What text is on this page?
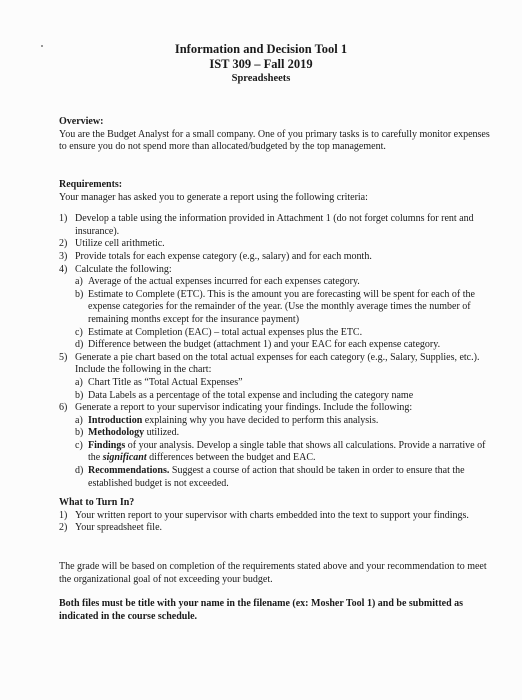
Information and Decision Tool 1
IST 309 – Fall 2019
Spreadsheets
Overview:
You are the Budget Analyst for a small company. One of you primary tasks is to carefully monitor expenses to ensure you do not spend more than allocated/budgeted by the top management.
Requirements:
Your manager has asked you to generate a report using the following criteria:
1) Develop a table using the information provided in Attachment 1 (do not forget columns for rent and insurance).
2) Utilize cell arithmetic.
3) Provide totals for each expense category (e.g., salary) and for each month.
4) Calculate the following:
a) Average of the actual expenses incurred for each expenses category.
b) Estimate to Complete (ETC). This is the amount you are forecasting will be spent for each of the expense categories for the remainder of the year. (Use the monthly average times the number of remaining months except for the insurance payment)
c) Estimate at Completion (EAC) – total actual expenses plus the ETC.
d) Difference between the budget (attachment 1) and your EAC for each expense category.
5) Generate a pie chart based on the total actual expenses for each category (e.g., Salary, Supplies, etc.). Include the following in the chart:
a) Chart Title as “Total Actual Expenses”
b) Data Labels as a percentage of the total expense and including the category name
6) Generate a report to your supervisor indicating your findings. Include the following:
a) Introduction explaining why you have decided to perform this analysis.
b) Methodology utilized.
c) Findings of your analysis. Develop a single table that shows all calculations. Provide a narrative of the significant differences between the budget and EAC.
d) Recommendations. Suggest a course of action that should be taken in order to ensure that the established budget is not exceeded.
What to Turn In?
1) Your written report to your supervisor with charts embedded into the text to support your findings.
2) Your spreadsheet file.
The grade will be based on completion of the requirements stated above and your recommendation to meet the organizational goal of not exceeding your budget.
Both files must be title with your name in the filename (ex: Mosher Tool 1) and be submitted as indicated in the course schedule.
